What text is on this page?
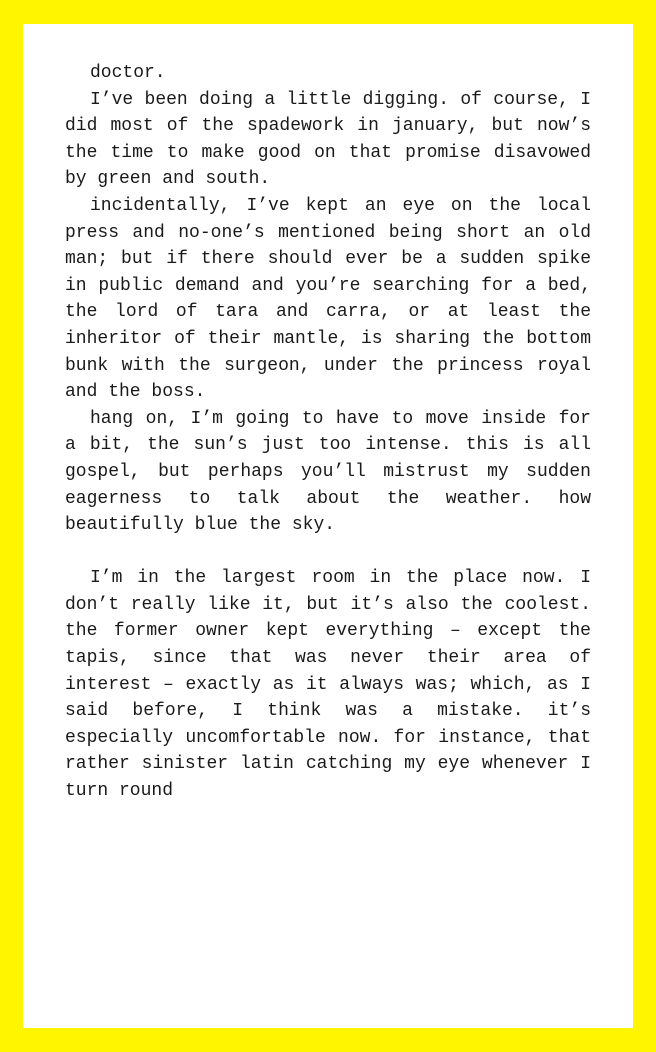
doctor.

I’ve been doing a little digging. of course, I did most of the spadework in january, but now’s the time to make good on that promise disavowed by green and south.

incidentally, I’ve kept an eye on the local press and no-one’s mentioned being short an old man; but if there should ever be a sudden spike in public demand and you’re searching for a bed, the lord of tara and carra, or at least the inheritor of their mantle, is sharing the bottom bunk with the surgeon, under the princess royal and the boss.

hang on, I’m going to have to move inside for a bit, the sun’s just too intense. this is all gospel, but perhaps you’ll mistrust my sudden eagerness to talk about the weather. how beautifully blue the sky.

I’m in the largest room in the place now. I don’t really like it, but it’s also the coolest. the former owner kept everything – except the tapis, since that was never their area of interest – exactly as it always was; which, as I said before, I think was a mistake. it’s especially uncomfortable now. for instance, that rather sinister latin catching my eye whenever I turn round
